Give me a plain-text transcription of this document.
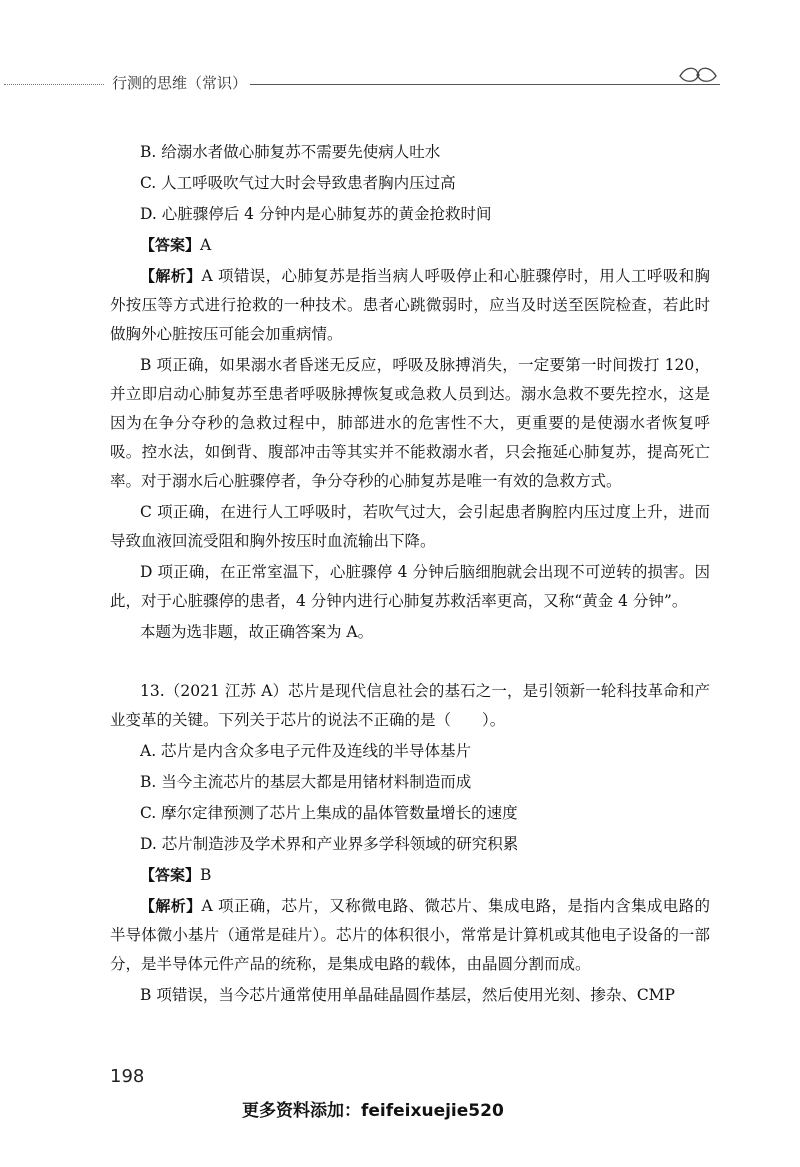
行测的思维（常识）
B. 给溺水者做心肺复苏不需要先使病人吐水
C. 人工呼吸吹气过大时会导致患者胸内压过高
D. 心脏骤停后 4 分钟内是心肺复苏的黄金抢救时间
【答案】A
【解析】A 项错误，心肺复苏是指当病人呼吸停止和心脏骤停时，用人工呼吸和胸外按压等方式进行抢救的一种技术。患者心跳微弱时，应当及时送至医院检查，若此时做胸外心脏按压可能会加重病情。
B 项正确，如果溺水者昏迷无反应，呼吸及脉搏消失，一定要第一时间拨打 120，并立即启动心肺复苏至患者呼吸脉搏恢复或急救人员到达。溺水急救不要先控水，这是因为在争分夺秒的急救过程中，肺部进水的危害性不大，更重要的是使溺水者恢复呼吸。控水法，如倒背、腹部冲击等其实并不能救溺水者，只会拖延心肺复苏，提高死亡率。对于溺水后心脏骤停者，争分夺秒的心肺复苏是唯一有效的急救方式。
C 项正确，在进行人工呼吸时，若吹气过大，会引起患者胸腔内压过度上升，进而导致血液回流受阻和胸外按压时血流输出下降。
D 项正确，在正常室温下，心脏骤停 4 分钟后脑细胞就会出现不可逆转的损害。因此，对于心脏骤停的患者，4 分钟内进行心肺复苏救活率更高，又称“黄金 4 分钟”。
本题为选非题，故正确答案为 A。
13.（2021 江苏 A）芯片是现代信息社会的基石之一，是引领新一轮科技革命和产业变革的关键。下列关于芯片的说法不正确的是（　　）。
A. 芯片是内含众多电子元件及连线的半导体基片
B. 当今主流芯片的基层大都是用锗材料制造而成
C. 摩尔定律预测了芯片上集成的晶体管数量增长的速度
D. 芯片制造涉及学术界和产业界多学科领域的研究积累
【答案】B
【解析】A 项正确，芯片，又称微电路、微芯片、集成电路，是指内含集成电路的半导体微小基片（通常是硅片）。芯片的体积很小，常常是计算机或其他电子设备的一部分，是半导体元件产品的统称，是集成电路的载体，由晶圆分割而成。
B 项错误，当今芯片通常使用单晶硅晶圆作基层，然后使用光刻、掺杂、CMP
198
更多资料添加：feifeixuejie520
